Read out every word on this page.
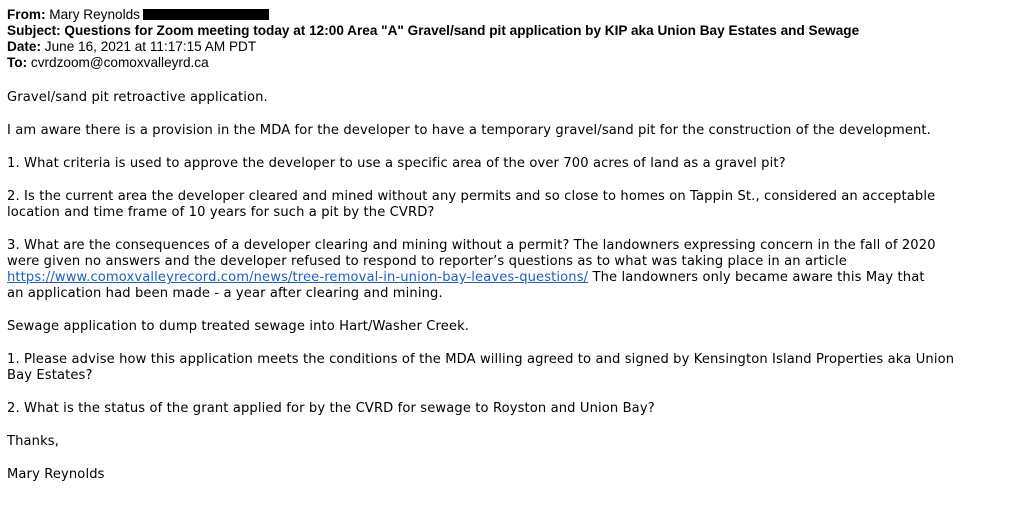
From: Mary Reynolds
Subject: Questions for Zoom meeting today at 12:00 Area "A" Gravel/sand pit application by KIP aka Union Bay Estates and Sewage
Date: June 16, 2021 at 11:17:15 AM PDT
To: cvrdzoom@comoxvalleyrd.ca

Gravel/sand pit retroactive application.

I am aware there is a provision in the MDA for the developer to have a temporary gravel/sand pit for the construction of the development.

1. What criteria is used to approve the developer to use a specific area of the over 700 acres of land as a gravel pit?

2. Is the current area the developer cleared and mined without any permits and so close to homes on Tappin St., considered an acceptable
location and time frame of 10 years for such a pit by the CVRD?

3. What are the consequences of a developer clearing and mining without a permit? The landowners expressing concern in the fall of 2020
were given no answers and the developer refused to respond to reporter’s questions as to what was taking place in an article
https://www.comoxvalleyrecord.com/news/tree-removal-in-union-bay-leaves-questions/ The landowners only became aware this May that
an application had been made - a year after clearing and mining.

Sewage application to dump treated sewage into Hart/Washer Creek.

1. Please advise how this application meets the conditions of the MDA willing agreed to and signed by Kensington Island Properties aka Union
Bay Estates?

2. What is the status of the grant applied for by the CVRD for sewage to Royston and Union Bay?

Thanks,

Mary Reynolds
